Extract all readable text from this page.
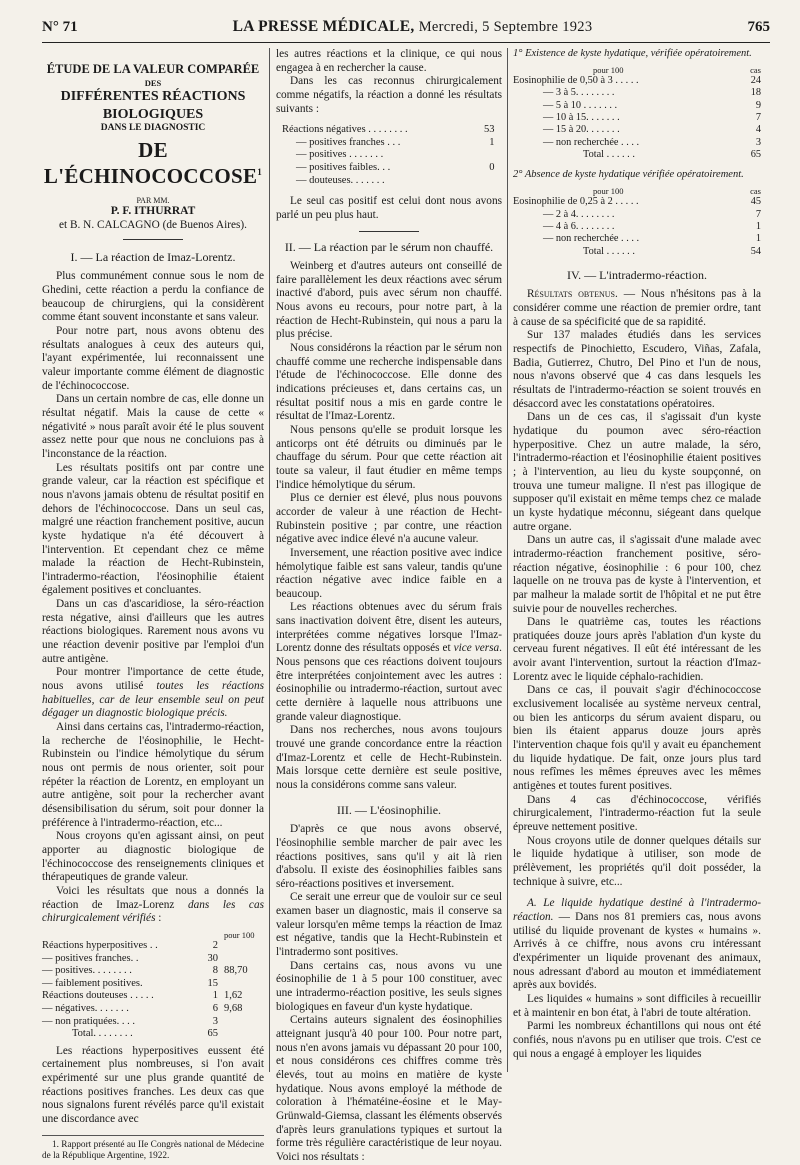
N° 71	LA PRESSE MÉDICALE, Mercredi, 5 Septembre 1923	765
ÉTUDE DE LA VALEUR COMPARÉE
DES
DIFFÉRENTES RÉACTIONS BIOLOGIQUES
DANS LE DIAGNOSTIC
DE L'ÉCHINOCOCCOSE$^1$
PAR MM.
P. F. ITHURRAT
et B. N. CALCAGNO (de Buenos Aires).
I. — La réaction de Imaz-Lorentz.

Plus communément connue sous le nom de Ghedini, cette réaction a perdu la confiance de beaucoup de chirurgiens, qui la considèrent comme étant souvent inconstante et sans valeur.

Pour notre part, nous avons obtenu des résultats analogues à ceux des auteurs qui, l'ayant expérimentée, lui reconnaissent une valeur importante comme élément de diagnostic de l'échinococcose.

Dans un certain nombre de cas, elle donne un résultat négatif. Mais la cause de cette « négativité » nous paraît avoir été le plus souvent assez nette pour que nous ne concluions pas à l'inconstance de la réaction.

Les résultats positifs ont par contre une grande valeur, car la réaction est spécifique et nous n'avons jamais obtenu de résultat positif en dehors de l'échinococcose. Dans un seul cas, malgré une réaction franchement positive, aucun kyste hydatique n'a été découvert à l'intervention. Et cependant chez ce même malade la réaction de Hecht-Rubinstein, l'intradermo-réaction, l'éosinophilie étaient également positives et concluantes.

Dans un cas d'ascaridiose, la séro-réaction resta négative, ainsi d'ailleurs que les autres réactions biologiques. Rarement nous avons vu une réaction devenir positive par l'emploi d'un autre antigène.

Pour montrer l'importance de cette étude, nous avons utilisé toutes les réactions habituelles, car de leur ensemble seul on peut dégager un diagnostic biologique précis.

Ainsi dans certains cas, l'intradermo-réaction, la recherche de l'éosinophilie, le Hecht-Rubinstein ou l'indice hémolytique du sérum nous ont permis de nous orienter, soit pour répéter la réaction de Lorentz, en employant un autre antigène, soit pour la rechercher avant désensibilisation du sérum, soit pour donner la préférence à l'intradermo-réaction, etc...

Nous croyons qu'en agissant ainsi, on peut apporter au diagnostic biologique de l'échinococcose des renseignements cliniques et thérapeutiques de grande valeur.

Voici les résultats que nous a donnés la réaction de Imaz-Lorenz dans les cas chirurgicalement vérifiés :

		pour 100
Réactions hyperpositives . .	2	
— positives franches. .	30	
— positives. . . . . . . .	8	88,70
— faiblement positives.	15	
Réactions douteuses . . . . .	1	1,62
— négatives. . . . . . .	6	9,68
— non pratiquées. . . .	3	
Total. . . . . . . .	65	

Les réactions hyperpositives eussent été certainement plus nombreuses, si l'on avait expérimenté sur une plus grande quantité de réactions positives franches. Les deux cas que nous signalons furent révélés parce qu'il existait une discordance avec

1. Rapport présenté au IIe Congrès national de Médecine de la République Argentine, 1922.

les autres réactions et la clinique, ce qui nous engagea à en rechercher la cause.

Dans les cas reconnus chirurgicalement comme négatifs, la réaction a donné les résultats suivants :

Réactions négatives . . . . . . . .	53
— positives franches . . .	1
— positives . . . . . . .	
— positives faibles. . .	0
— douteuses. . . . . . .	

Le seul cas positif est celui dont nous avons parlé un peu plus haut.

II. — La réaction par le sérum non chauffé.

Weinberg et d'autres auteurs ont conseillé de faire parallèlement les deux réactions avec sérum inactivé d'abord, puis avec sérum non chauffé. Nous avons eu recours, pour notre part, à la réaction de Hecht-Rubinstein, qui nous a paru la plus précise.

Nous considérons la réaction par le sérum non chauffé comme une recherche indispensable dans l'étude de l'échinococcose. Elle donne des indications précieuses et, dans certains cas, un résultat positif nous a mis en garde contre le résultat de l'Imaz-Lorentz.

Nous pensons qu'elle se produit lorsque les anticorps ont été détruits ou diminués par le chauffage du sérum. Pour que cette réaction ait toute sa valeur, il faut étudier en même temps l'indice hémolytique du sérum.

Plus ce dernier est élevé, plus nous pouvons accorder de valeur à une réaction de Hecht-Rubinstein positive ; par contre, une réaction négative avec indice élevé n'a aucune valeur.

Inversement, une réaction positive avec indice hémolytique faible est sans valeur, tandis qu'une réaction négative avec indice faible en a beaucoup.

Les réactions obtenues avec du sérum frais sans inactivation doivent être, disent les auteurs, interprétées comme négatives lorsque l'Imaz-Lorentz donne des résultats opposés et vice versa. Nous pensons que ces réactions doivent toujours être interprétées conjointement avec les autres : éosinophilie ou intradermo-réaction, surtout avec cette dernière à laquelle nous attribuons une grande valeur diagnostique.

Dans nos recherches, nous avons toujours trouvé une grande concordance entre la réaction d'Imaz-Lorentz et celle de Hecht-Rubinstein. Mais lorsque cette dernière est seule positive, nous la considérons comme sans valeur.

III. — L'éosinophilie.

D'après ce que nous avons observé, l'éosinophilie semble marcher de pair avec les réactions positives, sans qu'il y ait là rien d'absolu. Il existe des éosinophilies faibles sans séro-réactions positives et inversement.

Ce serait une erreur que de vouloir sur ce seul examen baser un diagnostic, mais il conserve sa valeur lorsqu'en même temps la réaction de Imaz est négative, tandis que la Hecht-Rubinstein et l'intradermo sont positives.

Dans certains cas, nous avons vu une éosinophilie de 1 à 5 pour 100 constituer, avec une intradermo-réaction positive, les seuls signes biologiques en faveur d'un kyste hydatique.

Certains auteurs signalent des éosinophilies atteignant jusqu'à 40 pour 100. Pour notre part, nous n'en avons jamais vu dépassant 20 pour 100, et nous considérons ces chiffres comme très élevés, tout au moins en matière de kyste hydatique. Nous avons employé la méthode de coloration à l'hématéine-éosine et le May-Grünwald-Giemsa, classant les éléments observés d'après leurs granulations typiques et surtout la forme très régulière caractéristique de leur noyau. Voici nos résultats :

1° Existence de kyste hydatique, vérifiée opératoirement.

pour 100	cas
Eosinophilie de 0,50 à 3 . . . . .	24
— 3 à 5. . . . . . . .	18
— 5 à 10 . . . . . . .	9
— 10 à 15. . . . . . .	7
— 15 à 20. . . . . . .	4
— non recherchée . . . .	3
Total . . . . . .	65

2° Absence de kyste hydatique vérifiée opératoirement.

pour 100	cas
Eosinophilie de 0,25 à 2 . . . . .	45
— 2 à 4. . . . . . . .	7
— 4 à 6. . . . . . . .	1
— non recherchée . . . .	1
Total . . . . . .	54
IV. — L'intradermo-réaction.

Résultats obtenus. — Nous n'hésitons pas à la considérer comme une réaction de premier ordre, tant à cause de sa spécificité que de sa rapidité.

Sur 137 malades étudiés dans les services respectifs de Pinochietto, Escudero, Viñas, Zafala, Badia, Gutierrez, Chutro, Del Pino et l'un de nous, nous n'avons observé que 4 cas dans lesquels les résultats de l'intradermo-réaction se soient trouvés en désaccord avec les constatations opératoires.

Dans un de ces cas, il s'agissait d'un kyste hydatique du poumon avec séro-réaction hyperpositive. Chez un autre malade, la séro, l'intradermo-réaction et l'éosinophilie étaient positives ; à l'intervention, au lieu du kyste soupçonné, on trouva une tumeur maligne. Il n'est pas illogique de supposer qu'il existait en même temps chez ce malade un kyste hydatique méconnu, siégeant dans quelque autre organe.

Dans un autre cas, il s'agissait d'une malade avec intradermo-réaction franchement positive, séro-réaction négative, éosinophilie : 6 pour 100, chez laquelle on ne trouva pas de kyste à l'intervention, et par malheur la malade sortit de l'hôpital et ne put être suivie pour de nouvelles recherches.

Dans le quatrième cas, toutes les réactions pratiquées douze jours après l'ablation d'un kyste du cerveau furent négatives. Il eût été intéressant de les avoir avant l'intervention, surtout la réaction d'Imaz-Lorentz avec le liquide céphalo-rachidien.

Dans ce cas, il pouvait s'agir d'échinococcose exclusivement localisée au système nerveux central, ou bien les anticorps du sérum avaient disparu, ou bien ils étaient apparus douze jours après l'intervention chaque fois qu'il y avait eu épanchement du liquide hydatique. De fait, onze jours plus tard nous refîmes les mêmes épreuves avec les mêmes antigènes et toutes furent positives.

Dans 4 cas d'échinococcose, vérifiés chirurgicalement, l'intradermo-réaction fut la seule épreuve nettement positive.

Nous croyons utile de donner quelques détails sur le liquide hydatique à utiliser, son mode de prélèvement, les propriétés qu'il doit posséder, la technique à suivre, etc...

A. Le liquide hydatique destiné à l'intradermo-réaction. — Dans nos 81 premiers cas, nous avons utilisé du liquide provenant de kystes « humains ». Arrivés à ce chiffre, nous avons cru intéressant d'expérimenter un liquide provenant des animaux, nous adressant d'abord au mouton et immédiatement après aux bovidés.

Les liquides « humains » sont difficiles à recueillir et à maintenir en bon état, à l'abri de toute altération.

Parmi les nombreux échantillons qui nous ont été confiés, nous n'avons pu en utiliser que trois. C'est ce qui nous a engagé à employer les liquides
